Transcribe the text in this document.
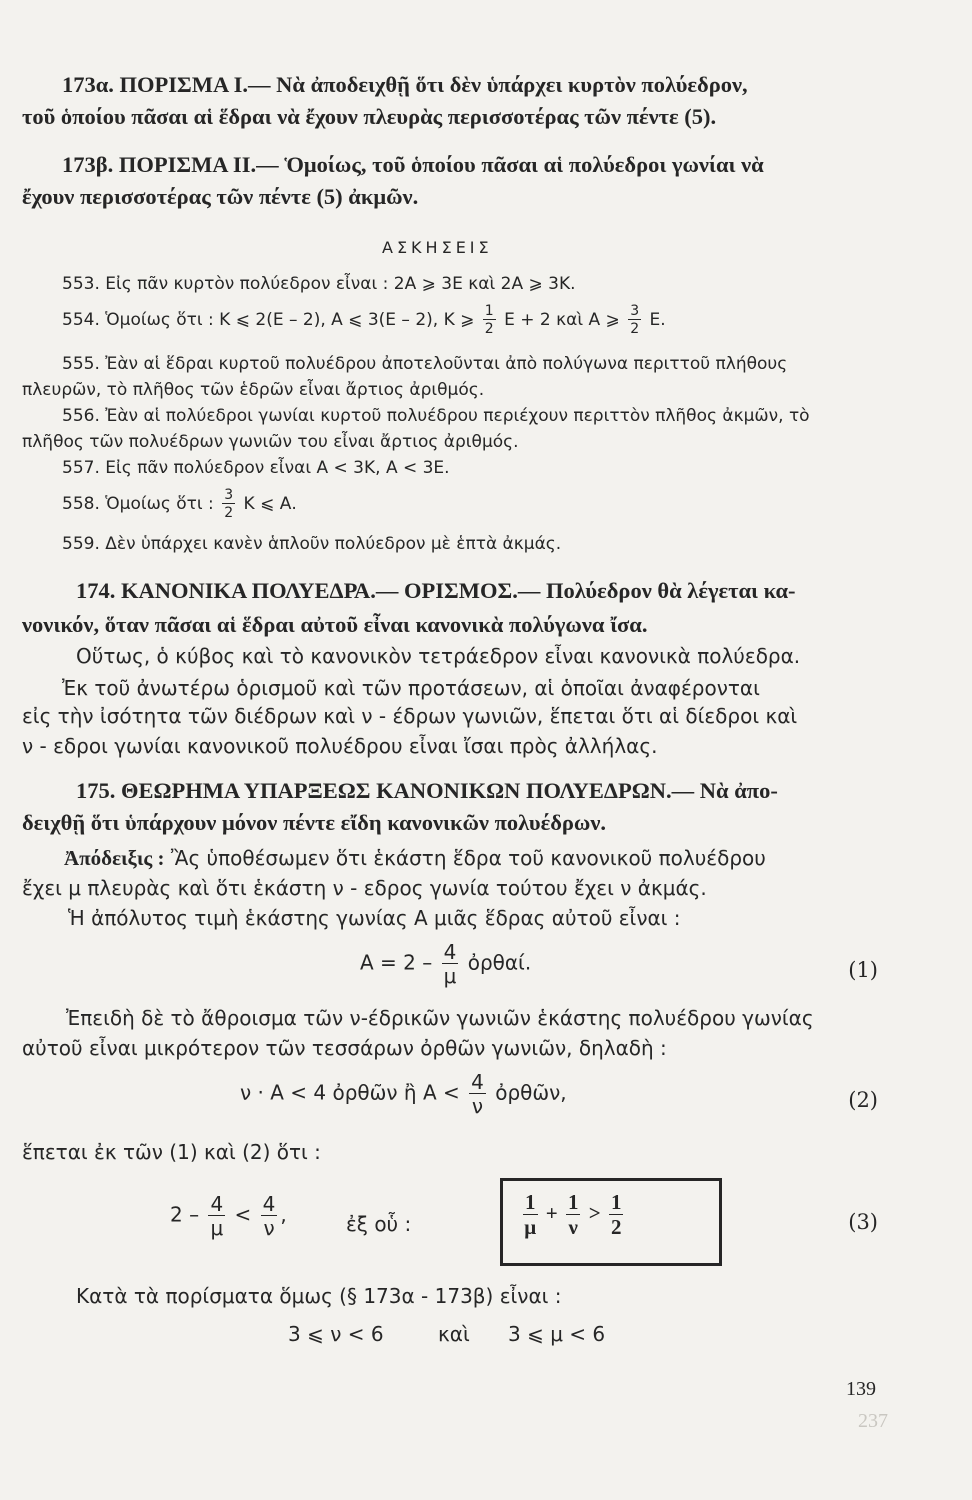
173α. ΠΟΡΙΣΜΑ Ι.— Νὰ ἀποδειχθῇ ὅτι δὲν ὑπάρχει κυρτὸν πολύεδρον,
τοῦ ὁποίου πᾶσαι αἱ ἕδραι νὰ ἔχουν πλευρὰς περισσοτέρας τῶν πέντε (5).
173β. ΠΟΡΙΣΜΑ ΙΙ.— Ὁμοίως, τοῦ ὁποίου πᾶσαι αἱ πολύεδροι γωνίαι νὰ
ἔχουν περισσοτέρας τῶν πέντε (5) ἀκμῶν.
ΑΣΚΗΣΕΙΣ
553. Εἰς πᾶν κυρτὸν πολύεδρον εἶναι : 2Α ⩾ 3Ε καὶ 2Α ⩾ 3Κ.
554. Ὁμοίως ὅτι : Κ ⩽ 2(Ε – 2), Α ⩽ 3(Ε – 2), Κ ⩾ $\frac{1}{2}$ Ε + 2 καὶ Α ⩾ $\frac{3}{2} E$.
555. Ἐὰν αἱ ἕδραι κυρτοῦ πολυέδρου ἀποτελοῦνται ἀπὸ πολύγωνα περιττοῦ πλήθους
πλευρῶν, τὸ πλῆθος τῶν ἑδρῶν εἶναι ἄρτιος ἀριθμός.
556. Ἐὰν αἱ πολύεδροι γωνίαι κυρτοῦ πολυέδρου περιέχουν περιττὸν πλῆθος ἀκμῶν, τὸ
πλῆθος τῶν πολυέδρων γωνιῶν του εἶναι ἄρτιος ἀριθμός.
557. Εἰς πᾶν πολύεδρον εἶναι Α < 3Κ, Α < 3Ε.
558. Ὁμοίως ὅτι : $\frac{3}{2}$ Κ ⩽ Α.
559. Δὲν ὑπάρχει κανὲν ἁπλοῦν πολύεδρον μὲ ἑπτὰ ἀκμάς.
174. ΚΑΝΟΝΙΚΑ ΠΟΛΥΕΔΡΑ.— ΟΡΙΣΜΟΣ.— Πολύεδρον θὰ λέγεται κα-
νονικόν, ὅταν πᾶσαι αἱ ἕδραι αὐτοῦ εἶναι κανονικὰ πολύγωνα ἴσα.
Οὕτως, ὁ κύβος καὶ τὸ κανονικὸν τετράεδρον εἶναι κανονικὰ πολύεδρα.
Ἐκ τοῦ ἀνωτέρω ὁρισμοῦ καὶ τῶν προτάσεων, αἱ ὁποῖαι ἀναφέρονται
εἰς τὴν ἰσότητα τῶν διέδρων καὶ ν - έδρων γωνιῶν, ἕπεται ὅτι αἱ δίεδροι καὶ
ν - εδροι γωνίαι κανονικοῦ πολυέδρου εἶναι ἴσαι πρὸς ἀλλήλας.
175. ΘΕΩΡΗΜΑ ΥΠΑΡΞΕΩΣ ΚΑΝΟΝΙΚΩΝ ΠΟΛΥΕΔΡΩΝ.— Νὰ ἀπο-
δειχθῇ ὅτι ὑπάρχουν μόνον πέντε εἴδη κανονικῶν πολυέδρων.
Ἀπόδειξις : Ἂς ὑποθέσωμεν ὅτι ἑκάστη ἕδρα τοῦ κανονικοῦ πολυέδρου
ἔχει μ πλευρὰς καὶ ὅτι ἑκάστη ν - εδρος γωνία τούτου ἔχει ν ἀκμάς.
Ἡ ἀπόλυτος τιμὴ ἑκάστης γωνίας Α μιᾶς ἕδρας αὐτοῦ εἶναι :
$A = 2 - \frac{4}{\mu}$ ὀρθαί.	(1)
Ἐπειδὴ δὲ τὸ ἄθροισμα τῶν ν-έδρικῶν γωνιῶν ἑκάστης πολυέδρου γωνίας
αὐτοῦ εἶναι μικρότερον τῶν τεσσάρων ὀρθῶν γωνιῶν, δηλαδὴ :
ν · Α < 4 ὀρθῶν ἢ $A < \frac{4}{\nu}$ ὀρθῶν,	(2)
ἕπεται ἐκ τῶν (1) καὶ (2) ὅτι :
$2 - \frac{4}{\mu} < \frac{4}{\nu}$ ,	ἐξ οὗ :	$\frac{1}{\mu} + \frac{1}{\nu} > \frac{1}{2}$	(3)
Κατὰ τὰ πορίσματα ὅμως (§ 173α - 173β) εἶναι :
3 ⩽ ν < 6	καὶ 3 ⩽ μ < 6
139
237
